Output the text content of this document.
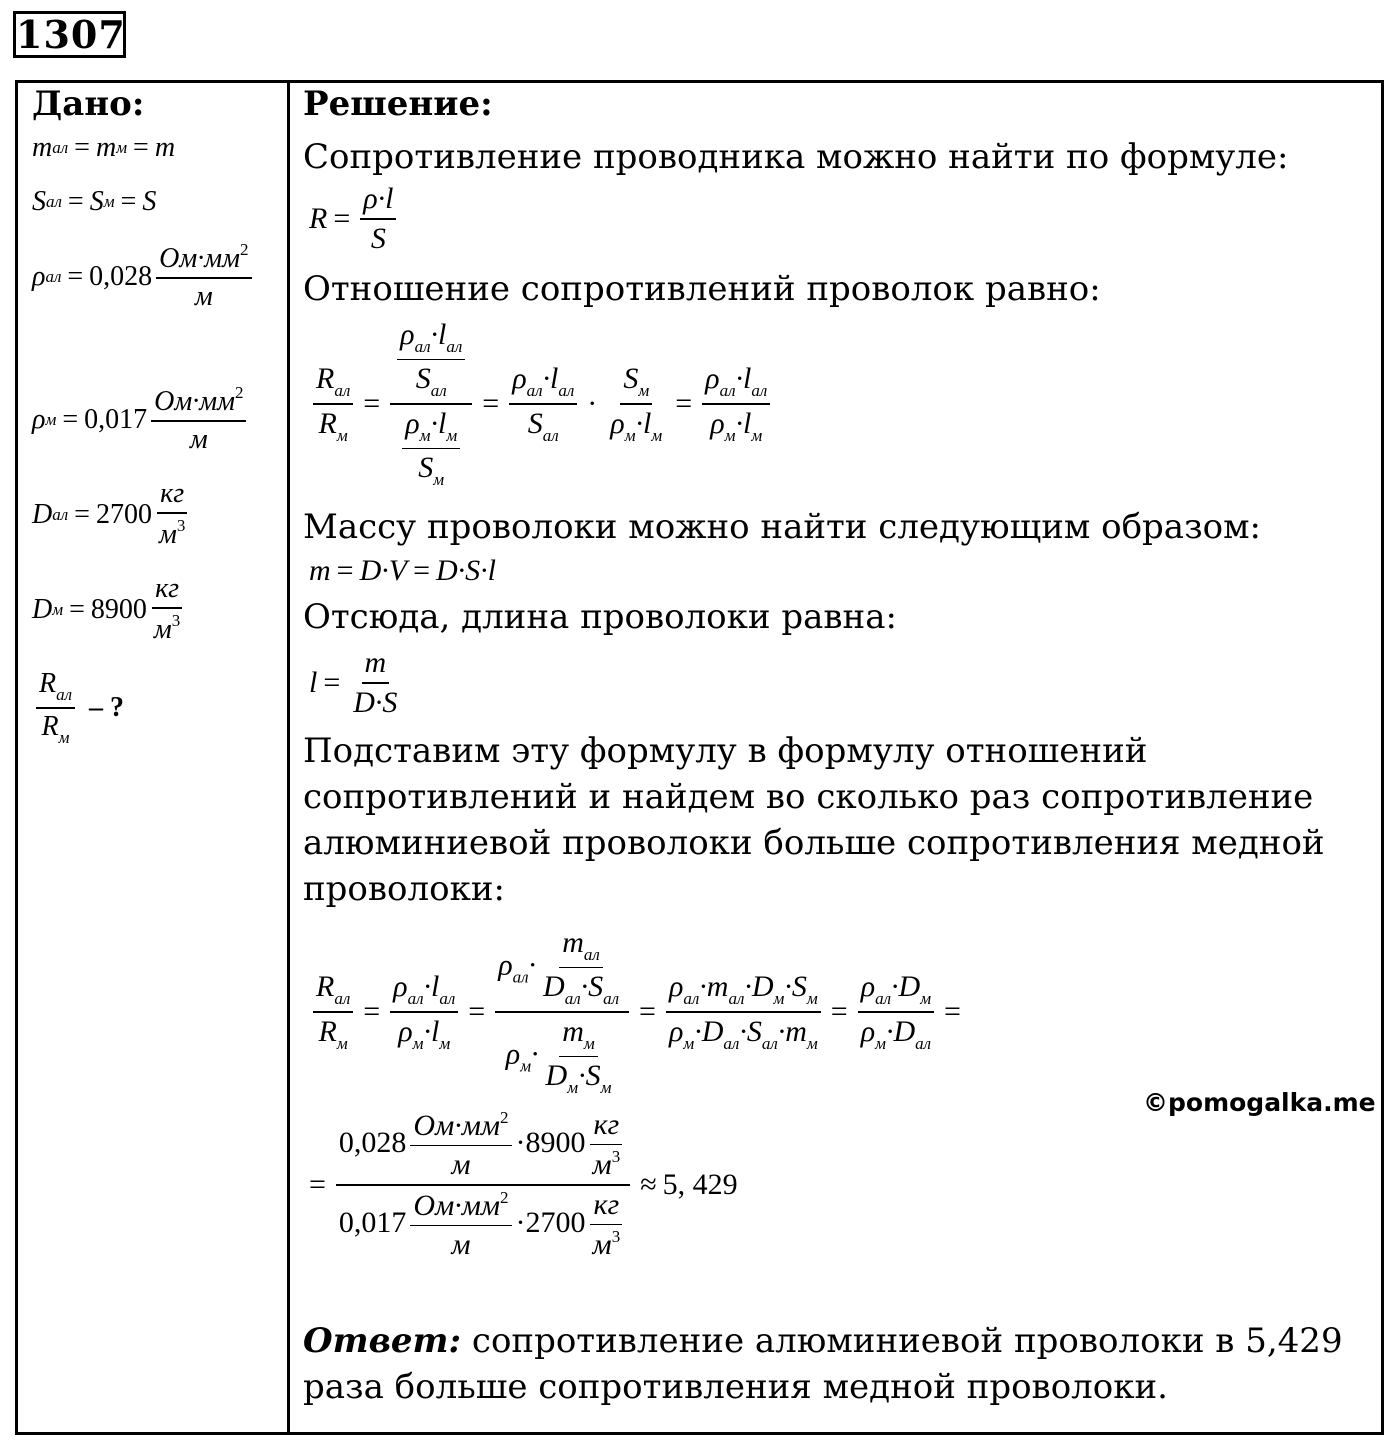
1307
Дано:
m ал = m м = m
S ал = S м = S
ρ ал = $0,028 \frac{Ом\cdot мм^2}{м}$
ρ $м = 0,017 \frac{Ом\cdot мм^2}{м}$
D ал = $2700 \frac{кг}{м^3}$
D $м = 8900 \frac{кг}{м^3}$
$\frac{R_{ал}}{R_м}$ – ?
Решение:

Сопротивление проводника можно найти по формуле:

$R = \frac{\rho\cdot l}{S}$

Отношение сопротивлений проволок равно:

$\frac{R_{ал}}{R_м} = \frac{\frac{\rho_{ал}\cdot l_{ал}}{S_{ал}}}{\frac{\rho_м\cdot l_м}{S_м}} = \frac{\rho_{ал}\cdot l_{ал}}{S_{ал}} \cdot \frac{S_м}{\rho_м\cdot l_м} = \frac{\rho_{ал}\cdot l_{ал}}{\rho_м\cdot l_м}$

Массу проволоки можно найти следующим образом:

m = D·V = D·S·l

Отсюда, длина проволоки равна:

$l = \frac{m}{D\cdot S}$

Подставим эту формулу в формулу отношений сопротивлений и найдем во сколько раз сопротивление алюминиевой проволоки больше сопротивления медной проволоки:

$\frac{R_{ал}}{R_м} = \frac{\rho_{ал}\cdot l_{ал}}{\rho_м\cdot l_м} = \frac{\rho_{ал}\cdot \frac{m_{ал}}{D_{ал}\cdot S_{ал}}}{\rho_м\cdot \frac{m_м}{D_м\cdot S_м}} = \frac{\rho_{ал}\cdot m_{ал}\cdot D_м\cdot S_м}{\rho_м\cdot D_{ал}\cdot S_{ал}\cdot m_м} = \frac{\rho_{ал}\cdot D_м}{\rho_м\cdot D_{ал}}$ =
= $\frac{0,028 \frac{Ом\cdot мм^2}{м} \cdot 8900 \frac{кг}{м^3}}{0,017 \frac{Ом\cdot мм^2}{м} \cdot 2700 \frac{кг}{м^3}} \approx 5$, 429
©pomogalka.me
Ответ: сопротивление алюминиевой проволоки в 5,429 раза больше сопротивления медной проволоки.
